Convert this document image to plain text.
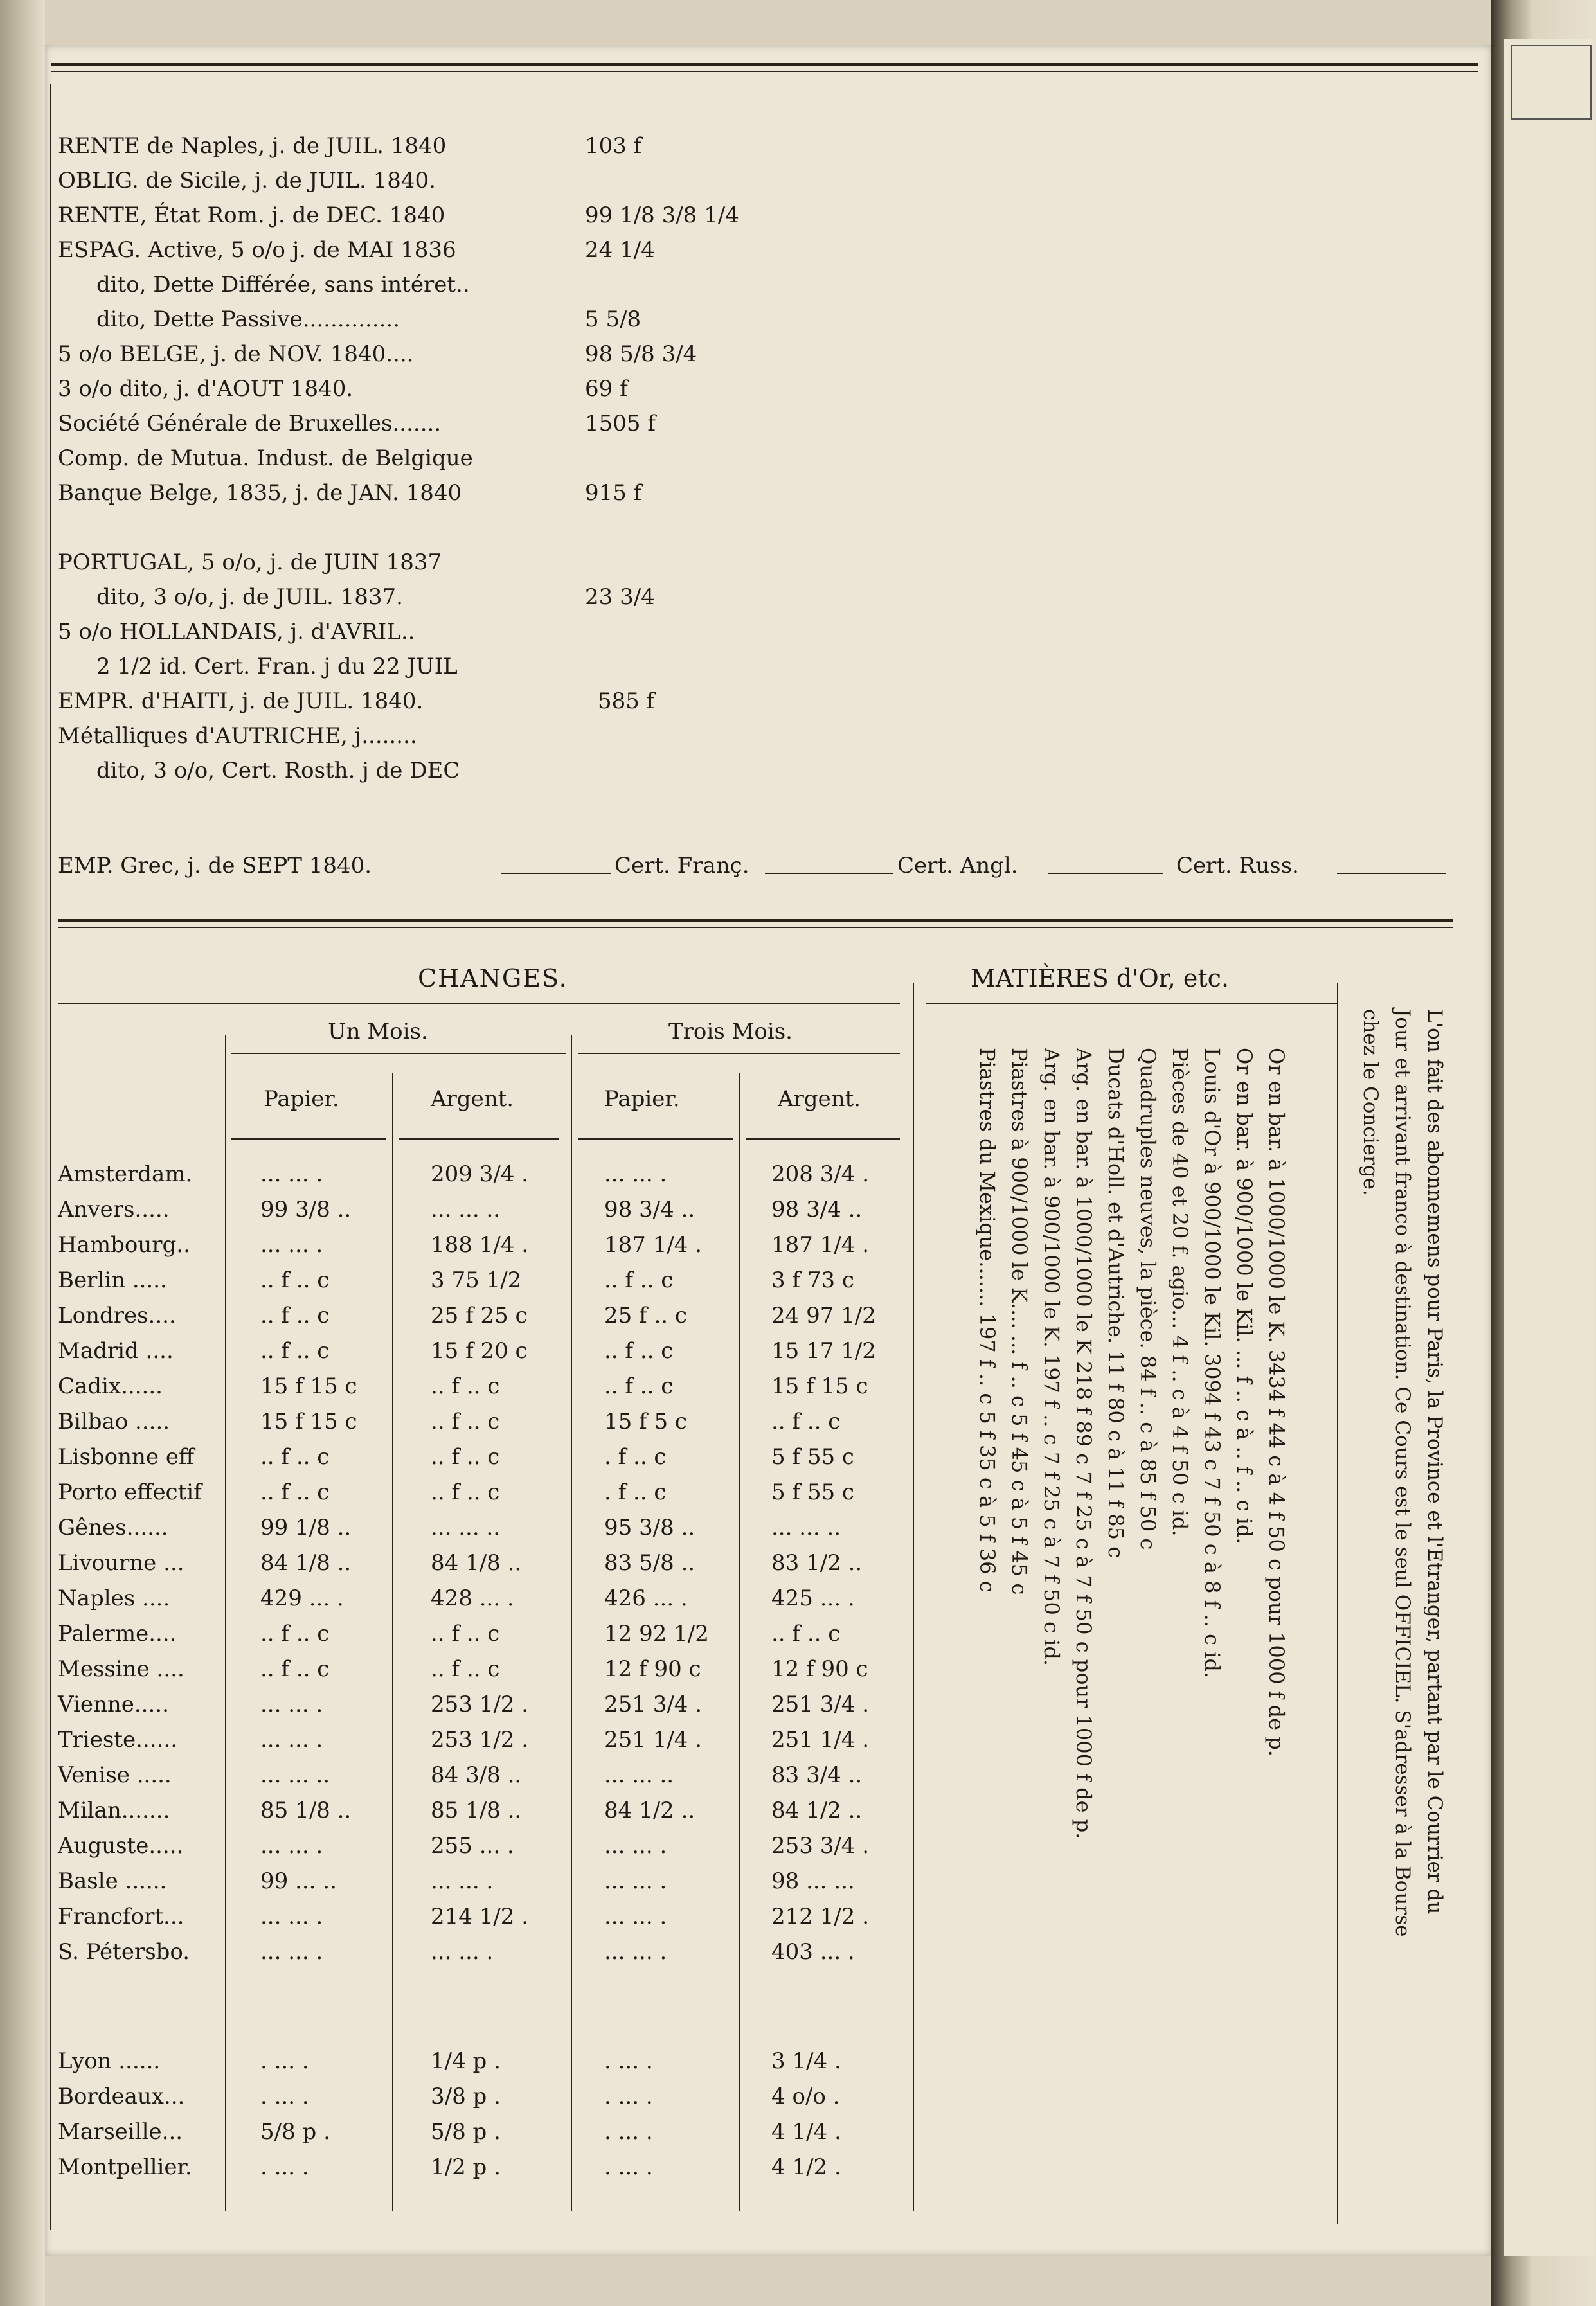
RENTE de Naples, j. de JUIL. 1840	103 f
OBLIG. de Sicile, j. de JUIL. 1840.
RENTE, État Rom. j. de DEC. 1840	99 1/8 3/8 1/4
ESPAG. Active, 5 o/o j. de MAI 1836	24 1/4
dito, Dette Différée, sans intéret..
dito, Dette Passive..............	5 5/8
5 o/o BELGE, j. de NOV. 1840....	98 5/8 3/4
3 o/o dito, j. d'AOUT 1840.	69 f
Société Générale de Bruxelles.......	1505 f
Comp. de Mutua. Indust. de Belgique
Banque Belge, 1835, j. de JAN. 1840	915 f
PORTUGAL, 5 o/o, j. de JUIN 1837
dito, 3 o/o, j. de JUIL. 1837.	23 3/4
5 o/o HOLLANDAIS, j. d'AVRIL..
2 1/2 id. Cert. Fran. j du 22 JUIL
EMPR. d'HAITI, j. de JUIL. 1840.	585 f
Métalliques d'AUTRICHE, j........
dito, 3 o/o, Cert. Rosth. j de DEC
EMP. Grec, j. de SEPT 1840.	Cert. Franç.	Cert. Angl.	Cert. Russ.
CHANGES.
Un Mois.	Trois Mois.
Papier.	Argent.	Papier.	Argent.
Amsterdam.	... ... .	209 3/4 .	... ... .	208 3/4 .
Anvers.....	99 3/8 ..	... ... ..	98 3/4 ..	98 3/4 ..
Hambourg..	... ... .	188 1/4 .	187 1/4 .	187 1/4 .
Berlin .....	.. f .. c	3 75 1/2	.. f .. c	3 f 73 c
Londres....	.. f .. c	25 f 25 c	25 f .. c	24 97 1/2
Madrid ....	.. f .. c	15 f 20 c	.. f .. c	15 17 1/2
Cadix......	15 f 15 c	.. f .. c	.. f .. c	15 f 15 c
Bilbao .....	15 f 15 c	.. f .. c	15 f 5 c	.. f .. c
Lisbonne eff	.. f .. c	.. f .. c	. f .. c	5 f 55 c
Porto effectif	.. f .. c	.. f .. c	. f .. c	5 f 55 c
Gênes......	99 1/8 ..	... ... ..	95 3/8 ..	... ... ..
Livourne ...	84 1/8 ..	84 1/8 ..	83 5/8 ..	83 1/2 ..
Naples ....	429 ... .	428 ... .	426 ... .	425 ... .
Palerme....	.. f .. c	.. f .. c	12 92 1/2	.. f .. c
Messine ....	.. f .. c	.. f .. c	12 f 90 c	12 f 90 c
Vienne.....	... ... .	253 1/2 .	251 3/4 .	251 3/4 .
Trieste......	... ... .	253 1/2 .	251 1/4 .	251 1/4 .
Venise .....	... ... ..	84 3/8 ..	... ... ..	83 3/4 ..
Milan.......	85 1/8 ..	85 1/8 ..	84 1/2 ..	84 1/2 ..
Auguste.....	... ... .	255 ... .	... ... .	253 3/4 .
Basle ......	99 ... ..	... ... .	... ... .	98 ... ...
Francfort...	... ... .	214 1/2 .	... ... .	212 1/2 .
S. Pétersbo.	... ... .	... ... .	... ... .	403 ... .
Lyon ......	. ... .	1/4 p .	. ... .	3 1/4 .
Bordeaux...	. ... .	3/8 p .	. ... .	4 o/o .
Marseille...	5/8 p .	5/8 p .	. ... .	4 1/4 .
Montpellier.	. ... .	1/2 p .	. ... .	4 1/2 .
MATIÈRES d'Or, etc.
Or en bar. à 1000/1000 le K. 3434 f 44 c à 4 f 50 c pour 1000 f de p.
Or en bar. à 900/1000 le Kil. ... f .. c à .. f .. c id.
Louis d'Or à 900/1000 le Kil. 3094 f 43 c 7 f 50 c à 8 f .. c id.
Pièces de 40 et 20 f. agio... 4 f .. c à 4 f 50 c id.
Quadruples neuves, la pièce. 84 f .. c à 85 f 50 c
Ducats d'Holl. et d'Autriche. 11 f 80 c à 11 f 85 c
Arg. en bar. à 1000/1000 le K 218 f 89 c 7 f 25 c à 7 f 50 c pour 1000 f de p.
Arg. en bar. à 900/1000 le K. 197 f .. c 7 f 25 c à 7 f 50 c id.
Piastres à 900/1000 le K.... ... f .. c 5 f 45 c à 5 f 45 c
Piastres du Mexique....... 197 f .. c 5 f 35 c à 5 f 36 c	L'on fait des abonnemens pour Paris, la Province et l'Etranger, partant par le Courrier du
Jour et arrivant franco à destination. Ce Cours est le seul OFFICIEL. S'adresser à la Bourse
chez le Concierge.
